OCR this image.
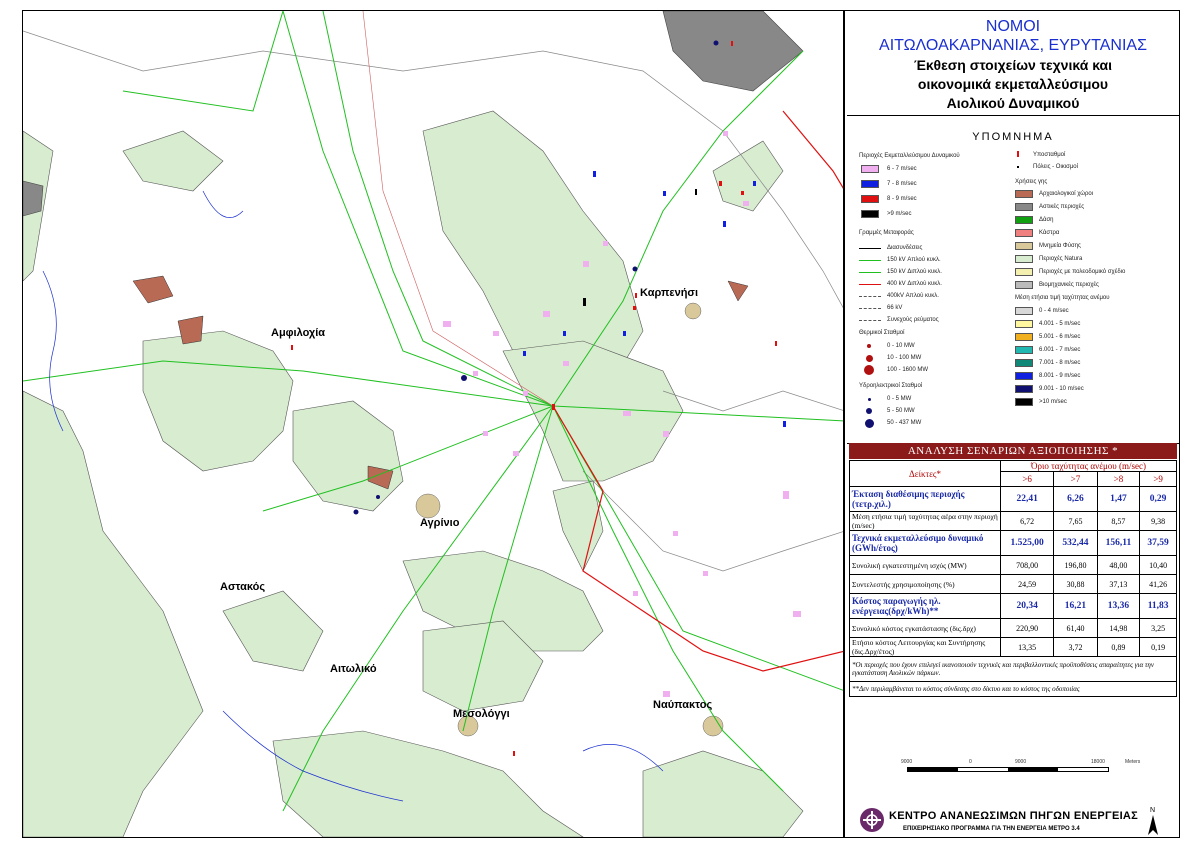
Αμφιλοχία
Καρπενήσι
Αγρίνιο
Αστακός
Αιτωλικό
Μεσολόγγι
Ναύπακτος
ΝΟΜΟΙ
ΑΙΤΩΛΟΑΚΑΡΝΑΝΙΑΣ, ΕΥΡΥΤΑΝΙΑΣ
Έκθεση στοιχείων τεχνικά και
οικονομικά εκμεταλλεύσιμου
Αιολικού Δυναμικού
ΥΠΟΜΝΗΜΑ
Περιοχές Εκμεταλλεύσιμου Δυναμικού
6 - 7 m/sec
7 - 8 m/sec
8 - 9 m/sec
>9 m/sec
Γραμμές Μεταφοράς
Διασυνδέσεις
150 kV Απλού κυκλ.
150 kV Διπλού κυκλ.
400 kV Διπλού κυκλ.
400kV Απλού κυκλ.
66 kV
Συνεχούς ρεύματος
Θερμικοί Σταθμοί
0 - 10 MW
10 - 100 MW
100 - 1600 MW
Υδροηλεκτρικοί Σταθμοί
0 - 5 MW
5 - 50 MW
50 - 437 MW
Υποσταθμοί
Πόλεις - Οικισμοί
Χρήσεις γης
Αρχαιολογικοί χώροι
Αστικές περιοχές
Δάση
Κάστρα
Μνημεία Φύσης
Περιοχές Natura
Περιοχές με πολεοδομικό σχέδιο
Βιομηχανικές περιοχές
Μέση ετήσια τιμή ταχύτητας ανέμου
0 - 4 m/sec
4.001 - 5 m/sec
5.001 - 6 m/sec
6.001 - 7 m/sec
7.001 - 8 m/sec
8.001 - 9 m/sec
9.001 - 10 m/sec
>10 m/sec
ΑΝΑΛΥΣΗ ΣΕΝΑΡΙΩΝ ΑΞΙΟΠΟΙΗΣΗΣ *
Δείκτες*	Όριο ταχύτητας ανέμου (m/sec)			
	>6	>7	>8	>9
Έκταση διαθέσιμης περιοχής (τετρ.χιλ.)	22,41	6,26	1,47	0,29
Μέση ετήσια τιμή ταχύτητας αέρα στην περιοχή (m/sec)	6,72	7,65	8,57	9,38
Τεχνικά εκμεταλλεύσιμο δυναμικό (GWh/έτος)	1.525,00	532,44	156,11	37,59
Συνολική εγκατεστημένη ισχύς (MW)	708,00	196,80	48,00	10,40
Συντελεστής χρησιμοποίησης (%)	24,59	30,88	37,13	41,26
Κόστος παραγωγής ηλ. ενέργειας(δρχ/kWh)**	20,34	16,21	13,36	11,83
Συνολικό κόστος εγκατάστασης (δις.δρχ)	220,90	61,40	14,98	3,25
Ετήσιο κόστος Λειτουργίας και Συντήρησης (δις.Δρχ/έτος)	13,35	3,72	0,89	0,19
*Οι περιοχές που έχουν επιλεγεί ικανοποιούν τεχνικές και περιβαλλοντικές προϋποθέσεις απαραίτητες για την εγκατάσταση Αιολικών πάρκων.				
**Δεν περιλαμβάνεται το κόστος σύνδεσης στο δίκτυο και το κόστος της οδοποιίας				
9000	0	9000	18000	Meters
ΚΕΝΤΡΟ ΑΝΑΝΕΩΣΙΜΩΝ ΠΗΓΩΝ ΕΝΕΡΓΕΙΑΣ
ΕΠΙΧΕΙΡΗΣΙΑΚΟ ΠΡΟΓΡΑΜΜΑ ΓΙΑ ΤΗΝ ΕΝΕΡΓΕΙΑ ΜΕΤΡΟ 3.4
N
